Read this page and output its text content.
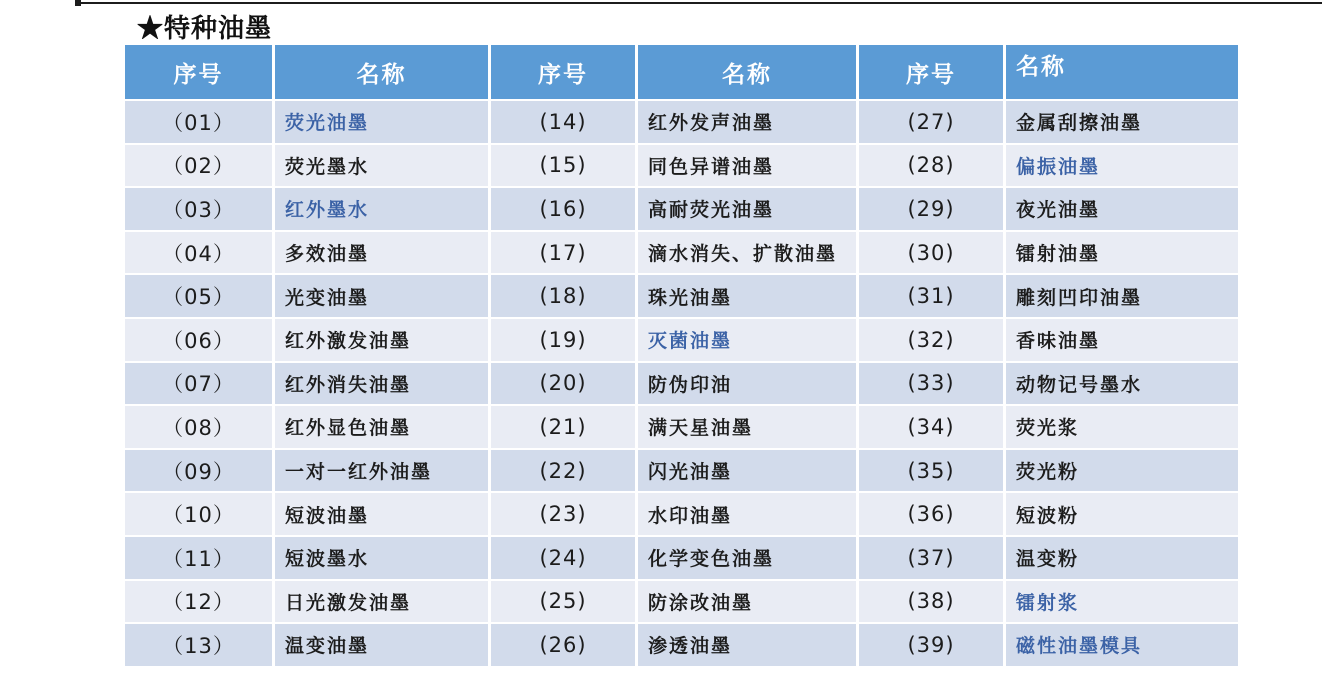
★特种油墨
序号	名称	序号	名称	序号	名称
（01）	荧光油墨	(14)	红外发声油墨	(27)	金属刮擦油墨
（02）	荧光墨水	(15)	同色异谱油墨	(28)	偏振油墨
（03）	红外墨水	(16)	高耐荧光油墨	(29)	夜光油墨
（04）	多效油墨	(17)	滴水消失、扩散油墨	(30)	镭射油墨
（05）	光变油墨	(18)	珠光油墨	(31)	雕刻凹印油墨
（06）	红外激发油墨	(19)	灭菌油墨	(32)	香味油墨
（07）	红外消失油墨	(20)	防伪印油	(33)	动物记号墨水
（08）	红外显色油墨	(21)	满天星油墨	(34)	荧光浆
（09）	一对一红外油墨	(22)	闪光油墨	(35)	荧光粉
（10）	短波油墨	(23)	水印油墨	(36)	短波粉
（11）	短波墨水	(24)	化学变色油墨	(37)	温变粉
（12）	日光激发油墨	(25)	防涂改油墨	(38)	镭射浆
（13）	温变油墨	(26)	渗透油墨	(39)	磁性油墨模具
